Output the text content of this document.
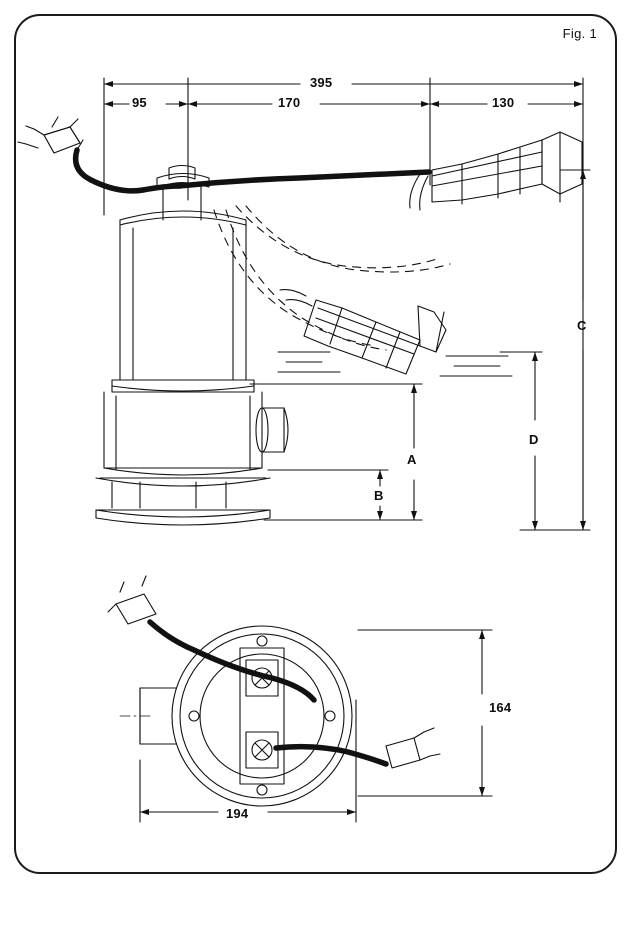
Fig. 1
395
95	170	130
A
B
C
D
194
164
